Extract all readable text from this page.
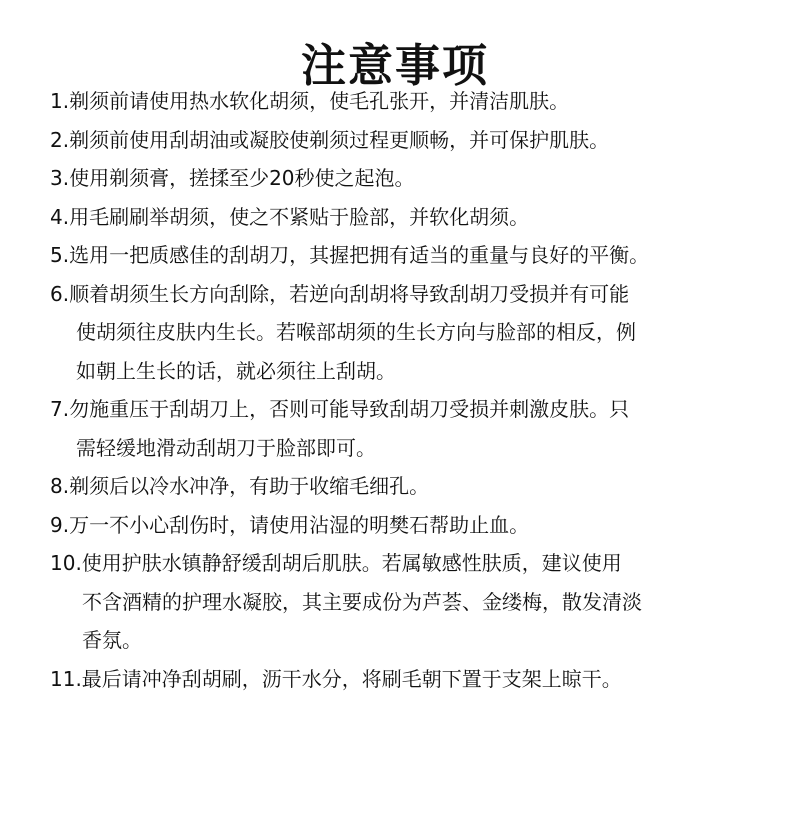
注意事项
1.剃须前请使用热水软化胡须，使毛孔张开，并清洁肌肤。
2.剃须前使用刮胡油或凝胶使剃须过程更顺畅，并可保护肌肤。
3.使用剃须膏，搓揉至少20秒使之起泡。
4.用毛刷刷举胡须，使之不紧贴于脸部，并软化胡须。
5.选用一把质感佳的刮胡刀，其握把拥有适当的重量与良好的平衡。
6.顺着胡须生长方向刮除，若逆向刮胡将导致刮胡刀受损并有可能
使胡须往皮肤内生长。若喉部胡须的生长方向与脸部的相反，例
如朝上生长的话，就必须往上刮胡。
7.勿施重压于刮胡刀上，否则可能导致刮胡刀受损并刺激皮肤。只
需轻缓地滑动刮胡刀于脸部即可。
8.剃须后以冷水冲净，有助于收缩毛细孔。
9.万一不小心刮伤时，请使用沾湿的明樊石帮助止血。
10.使用护肤水镇静舒缓刮胡后肌肤。若属敏感性肤质，建议使用
不含酒精的护理水凝胶，其主要成份为芦荟、金缕梅，散发清淡
香氛。
11.最后请冲净刮胡刷，沥干水分，将刷毛朝下置于支架上晾干。
